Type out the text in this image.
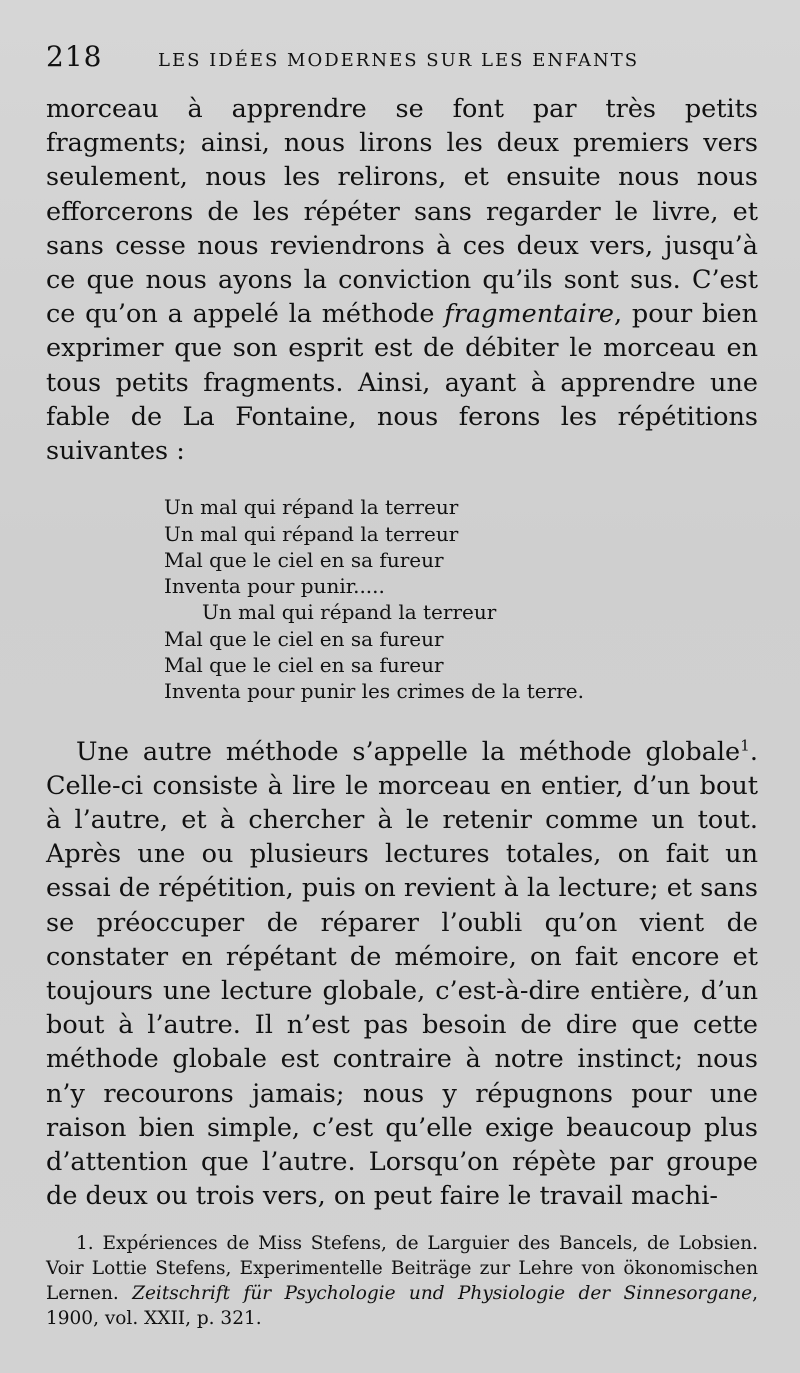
218	LES IDÉES MODERNES SUR LES ENFANTS

morceau à apprendre se font par très petits fragments; ainsi, nous lirons les deux premiers vers seulement, nous les relirons, et ensuite nous nous efforcerons de les répéter sans regarder le livre, et sans cesse nous reviendrons à ces deux vers, jusqu’à ce que nous ayons la conviction qu’ils sont sus. C’est ce qu’on a appelé la méthode fragmentaire, pour bien exprimer que son esprit est de débiter le morceau en tous petits fragments. Ainsi, ayant à apprendre une fable de La Fontaine, nous ferons les répétitions suivantes :

Un mal qui répand la terreur
Un mal qui répand la terreur
Mal que le ciel en sa fureur
Inventa pour punir.....
Un mal qui répand la terreur
Mal que le ciel en sa fureur
Mal que le ciel en sa fureur
Inventa pour punir les crimes de la terre.

Une autre méthode s’appelle la méthode globale$^1$. Celle-ci consiste à lire le morceau en entier, d’un bout à l’autre, et à chercher à le retenir comme un tout. Après une ou plusieurs lectures totales, on fait un essai de répétition, puis on revient à la lecture; et sans se préoccuper de réparer l’oubli qu’on vient de constater en répétant de mémoire, on fait encore et toujours une lecture globale, c’est-à-dire entière, d’un bout à l’autre. Il n’est pas besoin de dire que cette méthode globale est contraire à notre instinct; nous n’y recourons jamais; nous y répugnons pour une raison bien simple, c’est qu’elle exige beaucoup plus d’attention que l’autre. Lorsqu’on répète par groupe de deux ou trois vers, on peut faire le travail machi-

1. Expériences de Miss Stefens, de Larguier des Bancels, de Lobsien. Voir Lottie Stefens, Experimentelle Beiträge zur Lehre von ökonomischen Lernen. Zeitschrift für Psychologie und Physiologie der Sinnesorgane, 1900, vol. XXII, p. 321.
